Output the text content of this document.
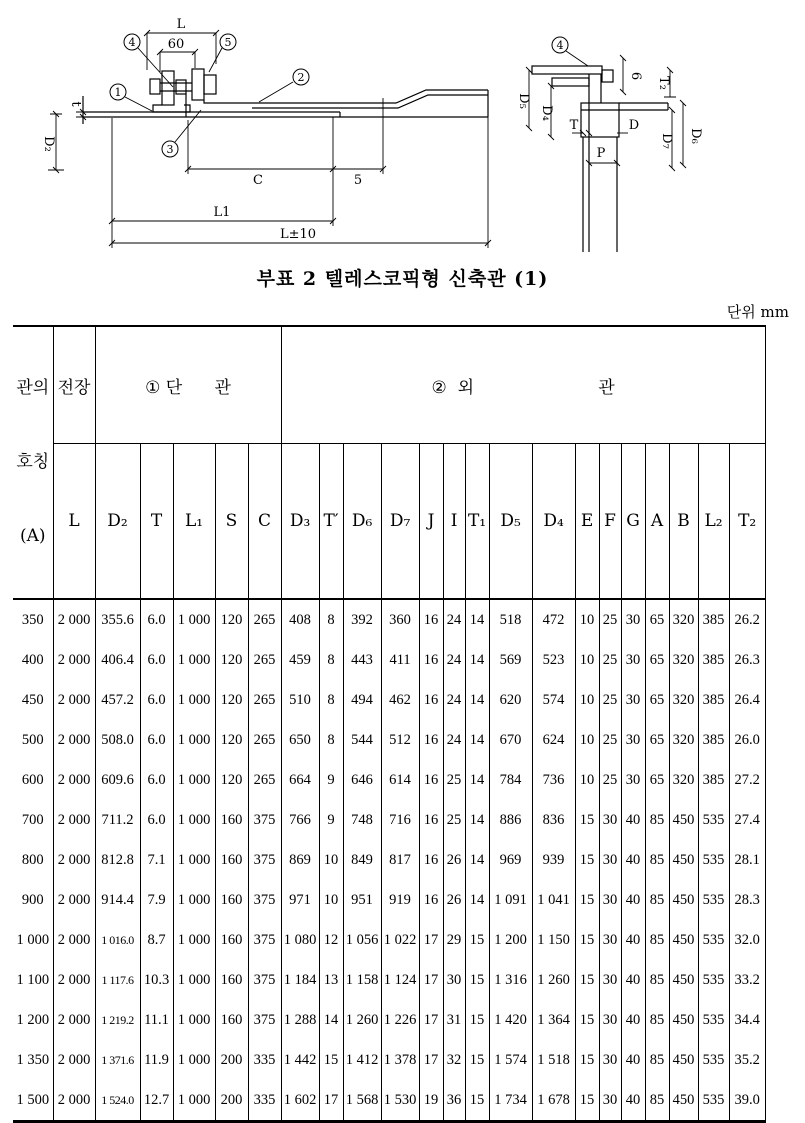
L
60
t
D₂
C	5
L1
L±10
1
2
3
4	5
D₅
D₄
6
T₂
T	D
P
D₇ D₆
4
부표 2 텔레스코픽형 신축관 (1)
단위 mm

관의

호칭

(A)	전장	① 단      관					②  외                       관															
	L	D₂	T	L₁	S	C	D₃	T′	D₆	D₇	J	I	T₁	D₅	D₄	E	F	G	A	B	L₂	T₂
350	2 000	355.6	6.0	1 000	120	265	408	8	392	360	16	24	14	518	472	10	25	30	65	320	385	26.2
400	2 000	406.4	6.0	1 000	120	265	459	8	443	411	16	24	14	569	523	10	25	30	65	320	385	26.3
450	2 000	457.2	6.0	1 000	120	265	510	8	494	462	16	24	14	620	574	10	25	30	65	320	385	26.4
500	2 000	508.0	6.0	1 000	120	265	650	8	544	512	16	24	14	670	624	10	25	30	65	320	385	26.0
600	2 000	609.6	6.0	1 000	120	265	664	9	646	614	16	25	14	784	736	10	25	30	65	320	385	27.2
700	2 000	711.2	6.0	1 000	160	375	766	9	748	716	16	25	14	886	836	15	30	40	85	450	535	27.4
800	2 000	812.8	7.1	1 000	160	375	869	10	849	817	16	26	14	969	939	15	30	40	85	450	535	28.1
900	2 000	914.4	7.9	1 000	160	375	971	10	951	919	16	26	14	1 091	1 041	15	30	40	85	450	535	28.3
1 000	2 000	1 016.0	8.7	1 000	160	375	1 080	12	1 056	1 022	17	29	15	1 200	1 150	15	30	40	85	450	535	32.0
1 100	2 000	1 117.6	10.3	1 000	160	375	1 184	13	1 158	1 124	17	30	15	1 316	1 260	15	30	40	85	450	535	33.2
1 200	2 000	1 219.2	11.1	1 000	160	375	1 288	14	1 260	1 226	17	31	15	1 420	1 364	15	30	40	85	450	535	34.4
1 350	2 000	1 371.6	11.9	1 000	200	335	1 442	15	1 412	1 378	17	32	15	1 574	1 518	15	30	40	85	450	535	35.2
1 500	2 000	1 524.0	12.7	1 000	200	335	1 602	17	1 568	1 530	19	36	15	1 734	1 678	15	30	40	85	450	535	39.0
